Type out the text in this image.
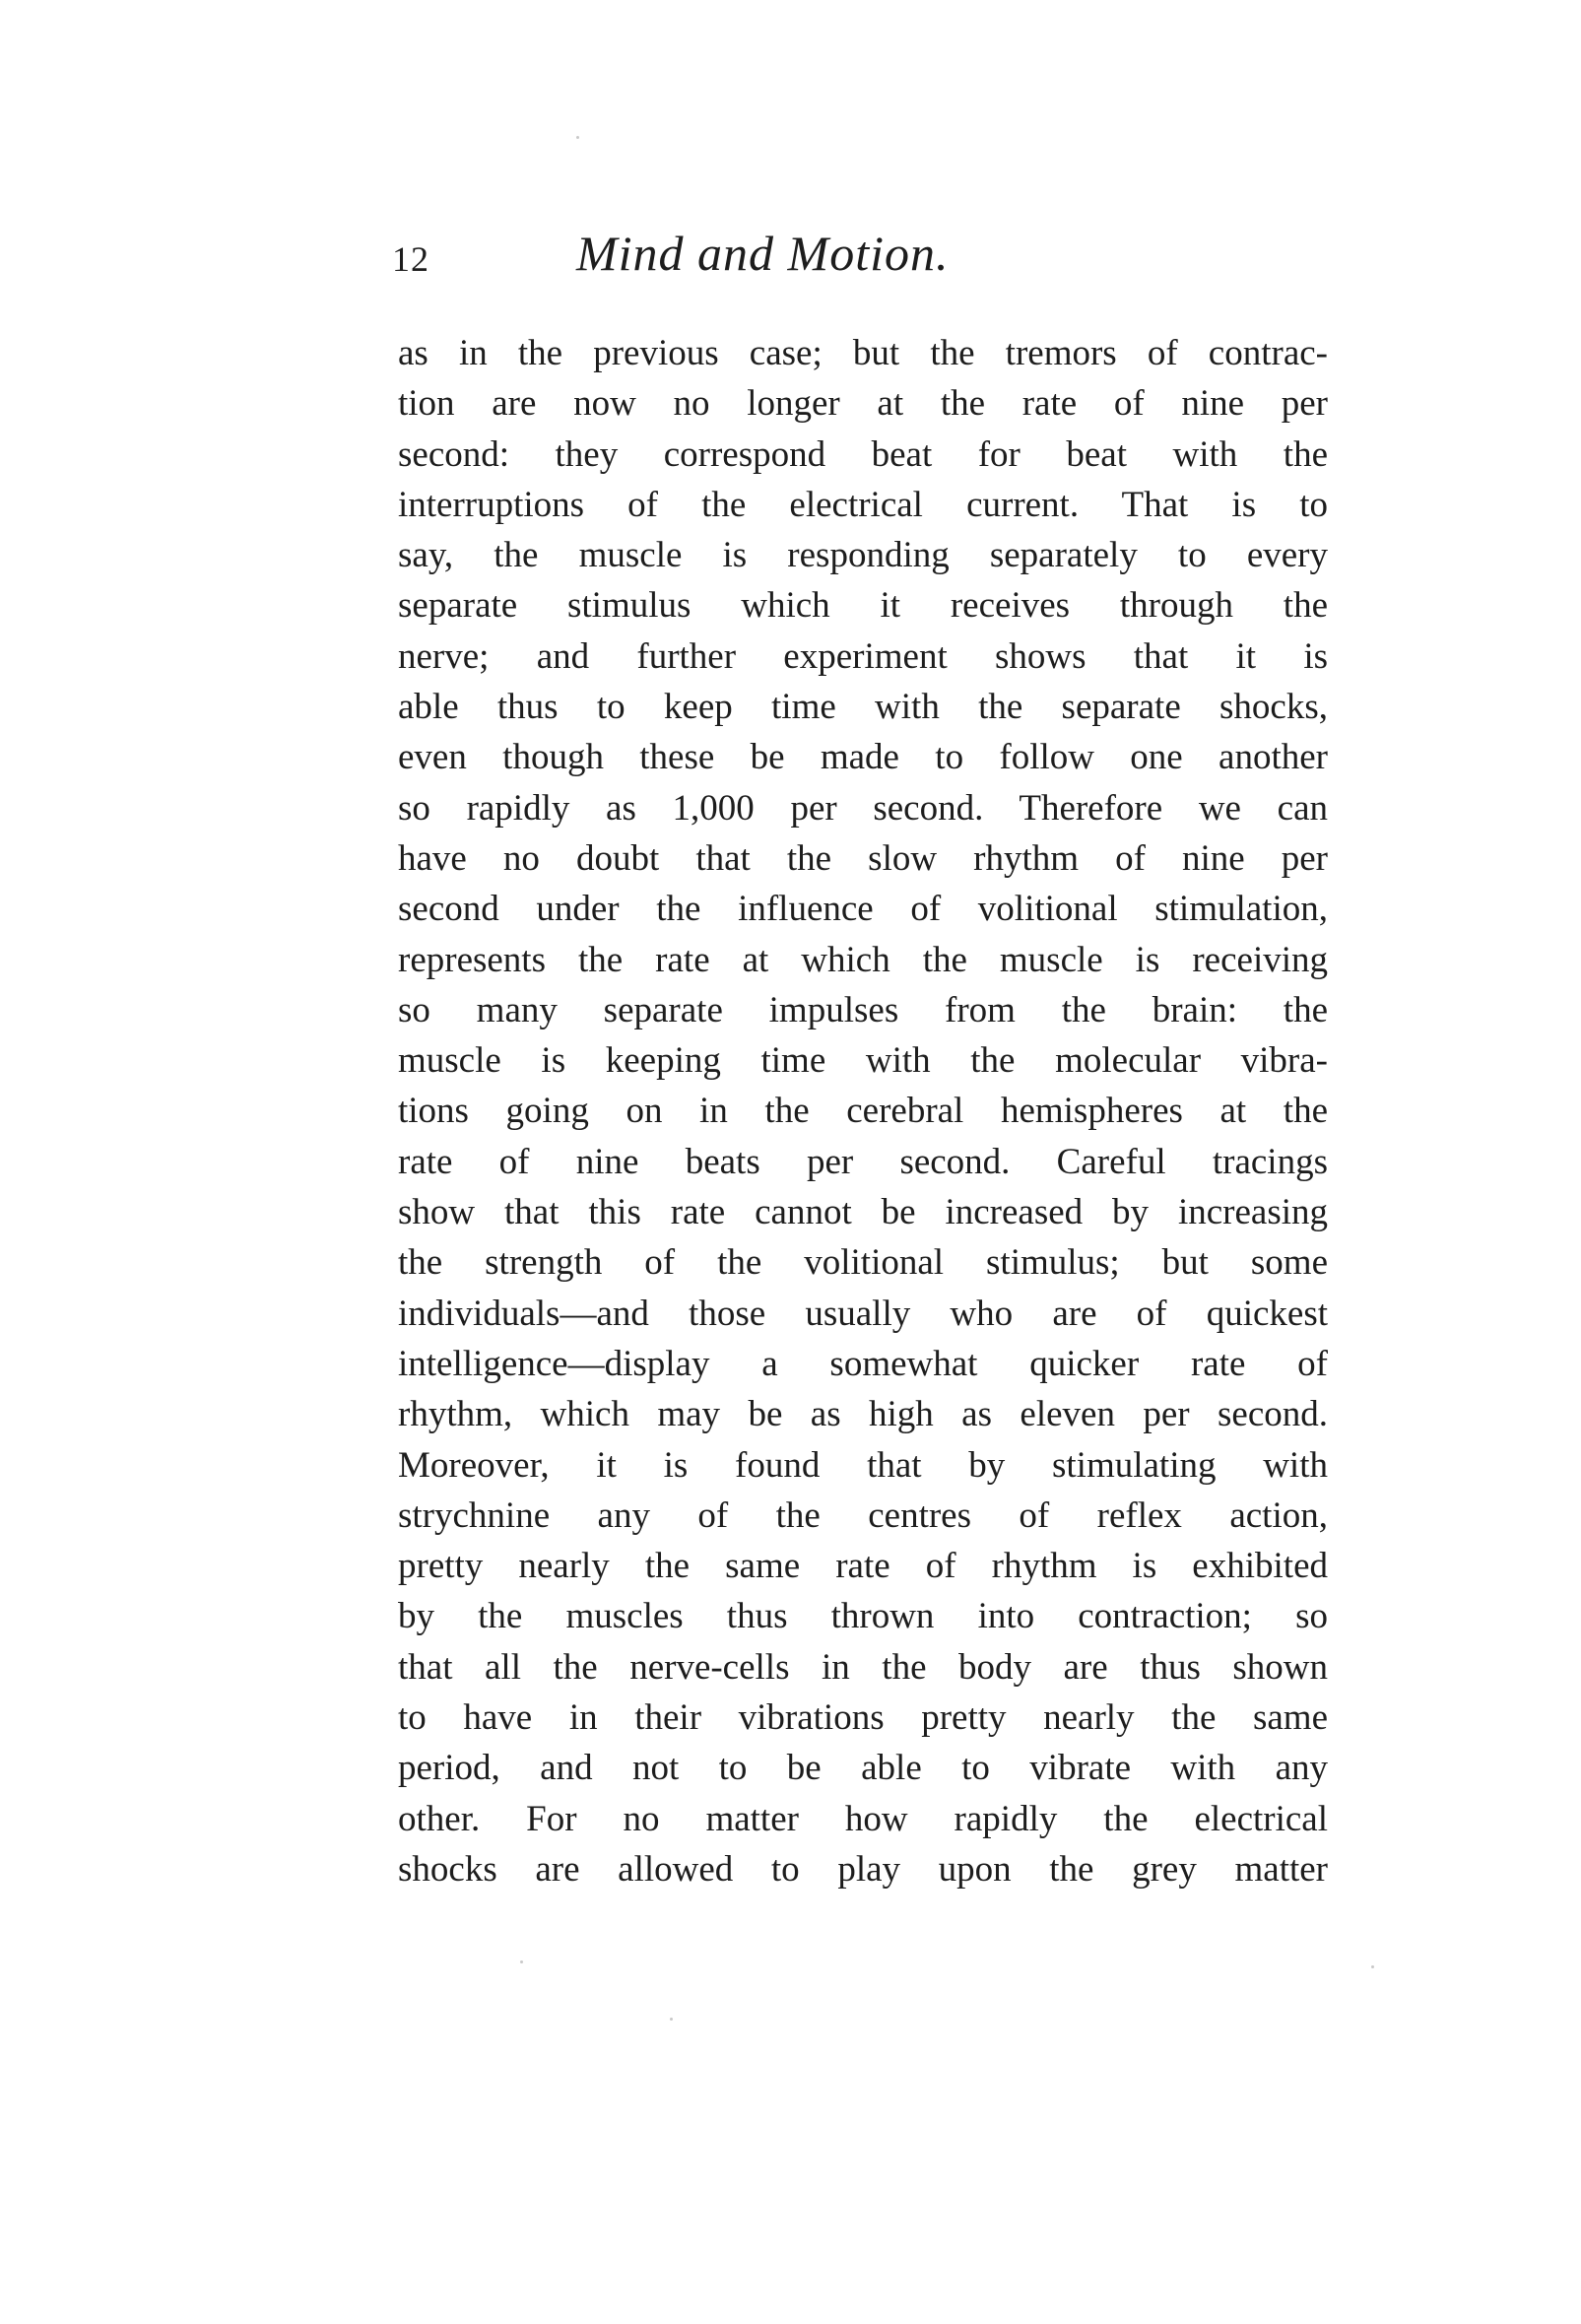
12	Mind and Motion.
as in the previous case; but the tremors of contrac-
tion are now no longer at the rate of nine per
second: they correspond beat for beat with the
interruptions of the electrical current. That is to
say, the muscle is responding separately to every
separate stimulus which it receives through the
nerve; and further experiment shows that it is
able thus to keep time with the separate shocks,
even though these be made to follow one another
so rapidly as 1,000 per second. Therefore we can
have no doubt that the slow rhythm of nine per
second under the influence of volitional stimulation,
represents the rate at which the muscle is receiving
so many separate impulses from the brain: the
muscle is keeping time with the molecular vibra-
tions going on in the cerebral hemispheres at the
rate of nine beats per second. Careful tracings
show that this rate cannot be increased by increasing
the strength of the volitional stimulus; but some
individuals—and those usually who are of quickest
intelligence—display a somewhat quicker rate of
rhythm, which may be as high as eleven per second.
Moreover, it is found that by stimulating with
strychnine any of the centres of reflex action,
pretty nearly the same rate of rhythm is exhibited
by the muscles thus thrown into contraction; so
that all the nerve-cells in the body are thus shown
to have in their vibrations pretty nearly the same
period, and not to be able to vibrate with any
other. For no matter how rapidly the electrical
shocks are allowed to play upon the grey matter
